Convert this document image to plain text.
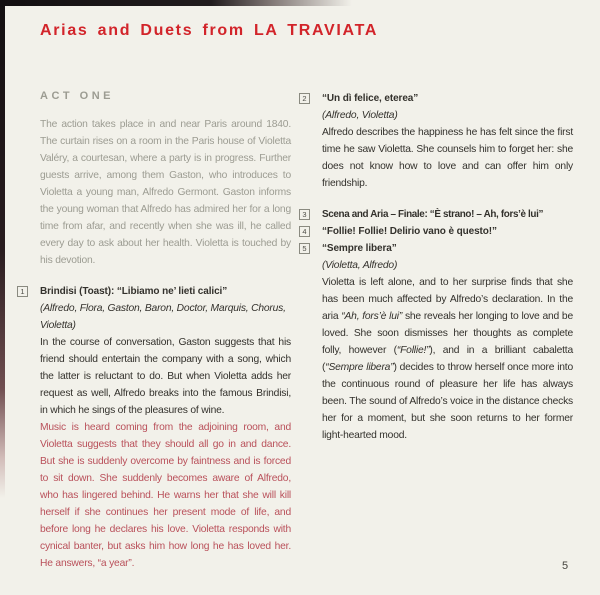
Arias and Duets from LA TRAVIATA
ACT ONE

The action takes place in and near Paris around 1840. The curtain rises on a room in the Paris house of Violetta Valéry, a courtesan, where a party is in progress. Further guests arrive, among them Gaston, who introduces to Violetta a young man, Alfredo Germont. Gaston informs the young woman that Alfredo has admired her for a long time from afar, and recently when she was ill, he called every day to ask about her health. Violetta is touched by his devotion.

1	Brindisi (Toast): “Libiamo ne’ lieti calici”

(Alfredo, Flora, Gaston, Baron, Doctor, Marquis, Chorus, Violetta)

In the course of conversation, Gaston suggests that his friend should entertain the company with a song, which the latter is reluctant to do. But when Violetta adds her request as well, Alfredo breaks into the famous Brindisi, in which he sings of the pleasures of wine.

Music is heard coming from the adjoining room, and Violetta suggests that they should all go in and dance. But she is suddenly overcome by faintness and is forced to sit down. She suddenly becomes aware of Alfredo, who has lingered behind. He warns her that she will kill herself if she continues her present mode of life, and before long he declares his love. Violetta responds with cynical banter, but asks him how long he has loved her. He answers, “a year”.

2	“Un dì felice, eterea”

(Alfredo, Violetta)

Alfredo describes the happiness he has felt since the first time he saw Violetta. She counsels him to forget her: she does not know how to love and can offer him only friendship.

3	Scena and Aria – Finale: “È strano! – Ah, fors’è lui”
4	“Follie! Follie! Delirio vano è questo!”
5	“Sempre libera”

(Violetta, Alfredo)

Violetta is left alone, and to her surprise finds that she has been much affected by Alfredo’s declaration. In the aria “Ah, fors’è lui” she reveals her longing to love and be loved. She soon dismisses her thoughts as complete folly, however (“Follie!”), and in a brilliant cabaletta (“Sempre libera”) decides to throw herself once more into the continuous round of pleasure her life has always been. The sound of Alfredo’s voice in the distance checks her for a moment, but she soon returns to her former light-hearted mood.

5
